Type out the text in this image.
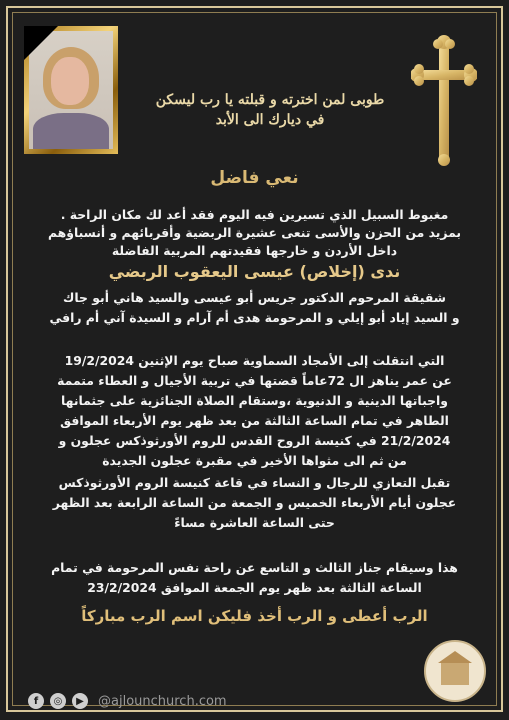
طوبى لمن اخترته و قبلته يا رب ليسكن
في ديارك الى الأبد
نعي فاضل
مغبوط السبيل الذي تسيرين فيه اليوم فقد أعد لك مكان الراحة .
بمزيد من الحزن والأسى تنعى عشيرة الربضية وأقربائهم و أنسباؤهم
داخل الأردن و خارجها فقيدتهم المربية الفاضلة
ندى (إخلاص) عيسى اليعقوب الربضي
شقيقة المرحوم الدكتور جريس أبو عيسى والسيد هاني أبو جاك
و السيد إياد أبو إيلي و المرحومة هدى أم آرام و السيدة آني أم رافي
التي انتقلت إلى الأمجاد السماوية صباح يوم الإثنين 19/2/2024
عن عمر يناهز ال 72عاماً قضتها في تربية الأجيال و العطاء متممة
واجباتها الدينية و الدنيوية ،وستقام الصلاة الجنائزية على جثمانها
الطاهر في تمام الساعة الثالثة من بعد ظهر يوم الأربعاء الموافق
21/2/2024 في كنيسة الروح القدس للروم الأورثوذكس عجلون و
من ثم الى مثواها الأخير في مقبرة عجلون الجديدة
تقبل التعازي للرجال و النساء في قاعة كنيسة الروم الأورثوذكس
عجلون أيام الأربعاء الخميس و الجمعة من الساعة الرابعة بعد الظهر
حتى الساعة العاشرة مساءً
هذا وسيقام جناز الثالث و التاسع عن راحة نفس المرحومة في تمام
الساعة الثالثة بعد ظهر يوم الجمعة الموافق 23/2/2024
الرب أعطى و الرب أخذ فليكن اسم الرب مباركاً
f	◎	▶	@ajlounchurch.com
